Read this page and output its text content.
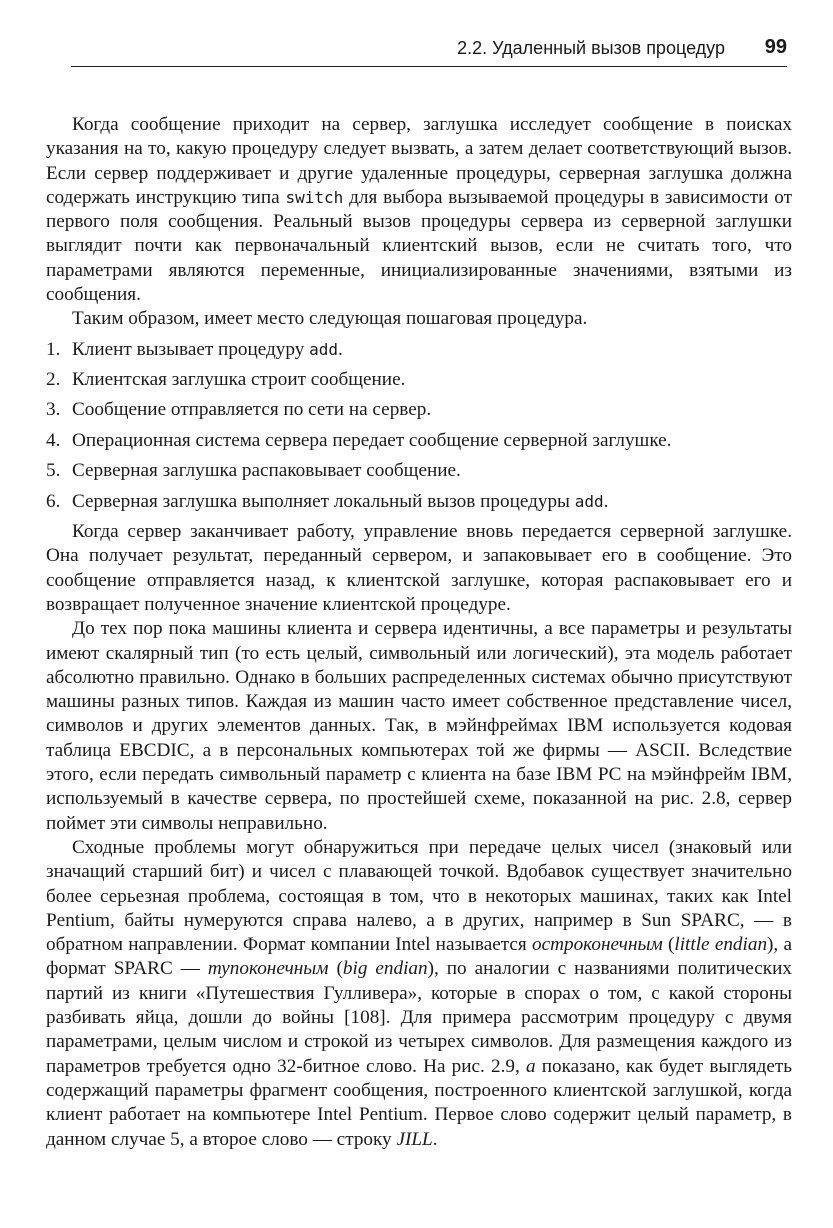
2.2. Удаленный вызов процедур 99

Когда сообщение приходит на сервер, заглушка исследует сообщение в поисках указания на то, какую процедуру следует вызвать, а затем делает соответствующий вызов. Если сервер поддерживает и другие удаленные процедуры, серверная заглушка должна содержать инструкцию типа switch для выбора вызываемой процедуры в зависимости от первого поля сообщения. Реальный вызов процедуры сервера из серверной заглушки выглядит почти как первоначальный клиентский вызов, если не считать того, что параметрами являются переменные, инициализированные значениями, взятыми из сообщения.

Таким образом, имеет место следующая пошаговая процедура.

1. Клиент вызывает процедуру add.
2. Клиентская заглушка строит сообщение.
3. Сообщение отправляется по сети на сервер.
4. Операционная система сервера передает сообщение серверной заглушке.
5. Серверная заглушка распаковывает сообщение.
6. Серверная заглушка выполняет локальный вызов процедуры add.

Когда сервер заканчивает работу, управление вновь передается серверной заглушке. Она получает результат, переданный сервером, и запаковывает его в сообщение. Это сообщение отправляется назад, к клиентской заглушке, которая распаковывает его и возвращает полученное значение клиентской процедуре.

До тех пор пока машины клиента и сервера идентичны, а все параметры и результаты имеют скалярный тип (то есть целый, символьный или логический), эта модель работает абсолютно правильно. Однако в больших распределенных системах обычно присутствуют машины разных типов. Каждая из машин часто имеет собственное представление чисел, символов и других элементов данных. Так, в мэйнфреймах IBM используется кодовая таблица EBCDIC, а в персональных компьютерах той же фирмы — ASCII. Вследствие этого, если передать символьный параметр с клиента на базе IBM PC на мэйнфрейм IBM, используемый в качестве сервера, по простейшей схеме, показанной на рис. 2.8, сервер поймет эти символы неправильно.

Сходные проблемы могут обнаружиться при передаче целых чисел (знаковый или значащий старший бит) и чисел с плавающей точкой. Вдобавок существует значительно более серьезная проблема, состоящая в том, что в некоторых машинах, таких как Intel Pentium, байты нумеруются справа налево, а в других, например в Sun SPARC, — в обратном направлении. Формат компании Intel называется остроконечным (little endian), а формат SPARC — тупоконечным (big endian), по аналогии с названиями политических партий из книги «Путешествия Гулливера», которые в спорах о том, с какой стороны разбивать яйца, дошли до войны [108]. Для примера рассмотрим процедуру с двумя параметрами, целым числом и строкой из четырех символов. Для размещения каждого из параметров требуется одно 32-битное слово. На рис. 2.9, а показано, как будет выглядеть содержащий параметры фрагмент сообщения, построенного клиентской заглушкой, когда клиент работает на компьютере Intel Pentium. Первое слово содержит целый параметр, в данном случае 5, а второе слово — строку JILL.
